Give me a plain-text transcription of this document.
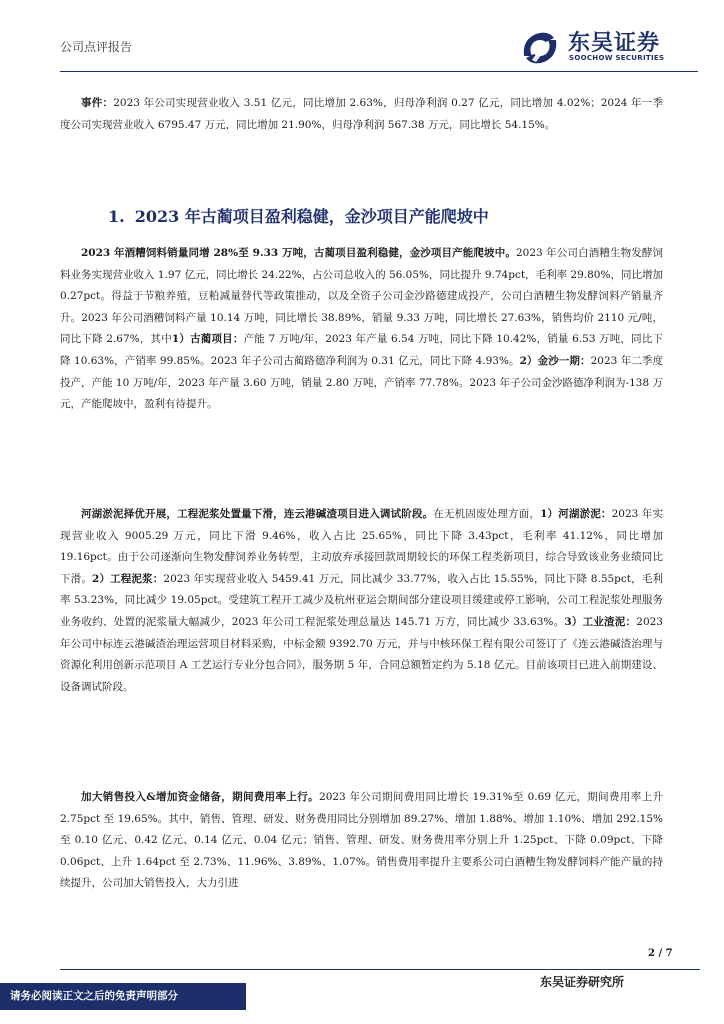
公司点评报告	东吴证券
SOOCHOW SECURITIES

事件：2023 年公司实现营业收入 3.51 亿元，同比增加 2.63%，归母净利润 0.27 亿元，同比增加 4.02%；2024 年一季度公司实现营业收入 6795.47 万元，同比增加 21.90%，归母净利润 567.38 万元，同比增长 54.15%。

1. 2023 年古蔺项目盈利稳健，金沙项目产能爬坡中

2023 年酒糟饲料销量同增 28%至 9.33 万吨，古蔺项目盈利稳健，金沙项目产能爬坡中。2023 年公司白酒糟生物发酵饲料业务实现营业收入 1.97 亿元，同比增长 24.22%，占公司总收入的 56.05%，同比提升 9.74pct，毛利率 29.80%，同比增加 0.27pct。得益于节粮养殖，豆粕减量替代等政策推动，以及全资子公司金沙路德建成投产，公司白酒糟生物发酵饲料产销量齐升。2023 年公司酒糟饲料产量 10.14 万吨，同比增长 38.89%，销量 9.33 万吨，同比增长 27.63%，销售均价 2110 元/吨，同比下降 2.67%，其中1）古蔺项目：产能 7 万吨/年，2023 年产量 6.54 万吨，同比下降 10.42%，销量 6.53 万吨，同比下降 10.63%，产销率 99.85%。2023 年子公司古蔺路德净利润为 0.31 亿元，同比下降 4.93%。2）金沙一期：2023 年二季度投产，产能 10 万吨/年，2023 年产量 3.60 万吨，销量 2.80 万吨，产销率 77.78%。2023 年子公司金沙路德净利润为-138 万元，产能爬坡中，盈利有待提升。

河湖淤泥择优开展，工程泥浆处置量下滑，连云港碱渣项目进入调试阶段。在无机固废处理方面，1）河湖淤泥：2023 年实现营业收入 9005.29 万元，同比下滑 9.46%，收入占比 25.65%，同比下降 3.43pct，毛利率 41.12%，同比增加 19.16pct。由于公司逐渐向生物发酵饲养业务转型，主动放弃承接回款周期较长的环保工程类新项目，综合导致该业务业绩同比下滑。2）工程泥浆：2023 年实现营业收入 5459.41 万元，同比减少 33.77%，收入占比 15.55%，同比下降 8.55pct，毛利率 53.23%，同比减少 19.05pct。受建筑工程开工减少及杭州亚运会期间部分建设项目缓建或停工影响，公司工程泥浆处理服务业务收约、处置的泥浆量大幅减少，2023 年公司工程泥浆处理总量达 145.71 万方，同比减少 33.63%。3）工业渣泥：2023 年公司中标连云港碱渣治理运营项目材料采购，中标金额 9392.70 万元，并与中核环保工程有限公司签订了《连云港碱渣治理与资源化利用创新示范项目 A 工艺运行专业分包合同》，服务期 5 年，合同总额暂定约为 5.18 亿元。目前该项目已进入前期建设、设备调试阶段。

加大销售投入&增加资金储备，期间费用率上行。2023 年公司期间费用同比增长 19.31%至 0.69 亿元，期间费用率上升 2.75pct 至 19.65%。其中，销售、管理、研发、财务费用同比分别增加 89.27%、增加 1.88%、增加 1.10%、增加 292.15%至 0.10 亿元、0.42 亿元、0.14 亿元、0.04 亿元；销售、管理、研发、财务费用率分别上升 1.25pct、下降 0.09pct、下降 0.06pct、上升 1.64pct 至 2.73%、11.96%、3.89%、1.07%。销售费用率提升主要系公司白酒糟生物发酵饲料产能产量的持续提升，公司加大销售投入，大力引进

2 / 7
东吴证券研究所
请务必阅读正文之后的免责声明部分
